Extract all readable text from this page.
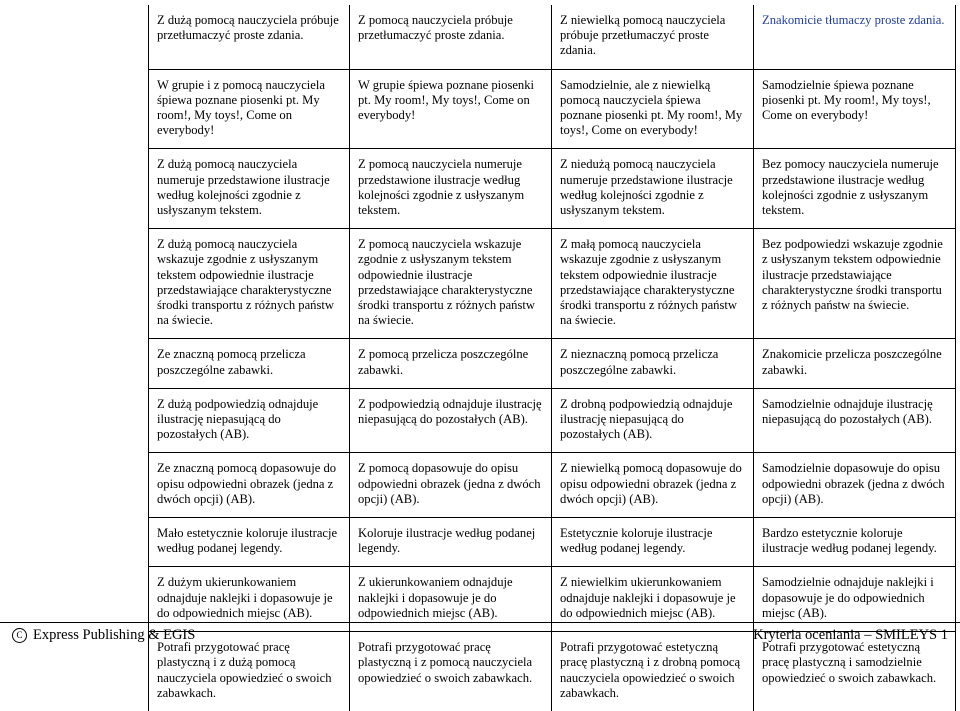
Z dużą pomocą nauczyciela próbuje przetłumaczyć proste zdania.
Z pomocą nauczyciela próbuje przetłumaczyć proste zdania.
Z niewielką pomocą nauczyciela próbuje przetłumaczyć proste zdania.
Znakomicie tłumaczy proste zdania.
W grupie i z pomocą nauczyciela śpiewa poznane piosenki pt. My room!, My toys!, Come on everybody!
W grupie śpiewa poznane piosenki pt. My room!, My toys!, Come on everybody!
Samodzielnie, ale z niewielką pomocą nauczyciela śpiewa poznane piosenki pt. My room!, My toys!, Come on everybody!
Samodzielnie śpiewa poznane piosenki pt. My room!, My toys!, Come on everybody!
Z dużą pomocą nauczyciela numeruje przedstawione ilustracje według kolejności zgodnie z usłyszanym tekstem.
Z pomocą nauczyciela numeruje przedstawione ilustracje według kolejności zgodnie z usłyszanym tekstem.
Z niedużą pomocą nauczyciela numeruje przedstawione ilustracje według kolejności zgodnie z usłyszanym tekstem.
Bez pomocy nauczyciela numeruje przedstawione ilustracje według kolejności zgodnie z usłyszanym tekstem.
Z dużą pomocą nauczyciela wskazuje zgodnie z usłyszanym tekstem odpowiednie ilustracje przedstawiające charakterystyczne środki transportu z różnych państw na świecie.
Z pomocą nauczyciela wskazuje zgodnie z usłyszanym tekstem odpowiednie ilustracje przedstawiające charakterystyczne środki transportu z różnych państw na świecie.
Z małą pomocą nauczyciela wskazuje zgodnie z usłyszanym tekstem odpowiednie ilustracje przedstawiające charakterystyczne środki transportu z różnych państw na świecie.
Bez podpowiedzi wskazuje zgodnie z usłyszanym tekstem odpowiednie ilustracje przedstawiające charakterystyczne środki transportu z różnych państw na świecie.
Ze znaczną pomocą przelicza poszczególne zabawki.
Z pomocą przelicza poszczególne zabawki.
Z nieznaczną pomocą przelicza poszczególne zabawki.
Znakomicie przelicza poszczególne zabawki.
Z dużą podpowiedzią odnajduje ilustrację niepasującą do pozostałych (AB).
Z podpowiedzią odnajduje ilustrację niepasującą do pozostałych (AB).
Z drobną podpowiedzią odnajduje ilustrację niepasującą do pozostałych (AB).
Samodzielnie odnajduje ilustrację niepasującą do pozostałych (AB).
Ze znaczną pomocą dopasowuje do opisu odpowiedni obrazek (jedna z dwóch opcji) (AB).
Z pomocą dopasowuje do opisu odpowiedni obrazek (jedna z dwóch opcji) (AB).
Z niewielką pomocą dopasowuje do opisu odpowiedni obrazek (jedna z dwóch opcji) (AB).
Samodzielnie dopasowuje do opisu odpowiedni obrazek (jedna z dwóch opcji) (AB).
Mało estetycznie koloruje ilustracje według podanej legendy.
Koloruje ilustracje według podanej legendy.
Estetycznie koloruje ilustracje według podanej legendy.
Bardzo estetycznie koloruje ilustracje według podanej legendy.
Z dużym ukierunkowaniem odnajduje naklejki i dopasowuje je do odpowiednich miejsc (AB).
Z ukierunkowaniem odnajduje naklejki i dopasowuje je do odpowiednich miejsc (AB).
Z niewielkim ukierunkowaniem odnajduje naklejki i dopasowuje je do odpowiednich miejsc (AB).
Samodzielnie odnajduje naklejki i dopasowuje je do odpowiednich miejsc (AB).
Potrafi przygotować pracę plastyczną i z dużą pomocą nauczyciela opowiedzieć o swoich zabawkach.
Potrafi przygotować pracę plastyczną i z pomocą nauczyciela opowiedzieć o swoich zabawkach.
Potrafi przygotować estetyczną pracę plastyczną i z drobną pomocą nauczyciela opowiedzieć o swoich zabawkach.
Potrafi przygotować estetyczną pracę plastyczną i samodzielnie opowiedzieć o swoich zabawkach.
C Express Publishing & EGIS	Kryteria oceniania – SMILEYS 1
